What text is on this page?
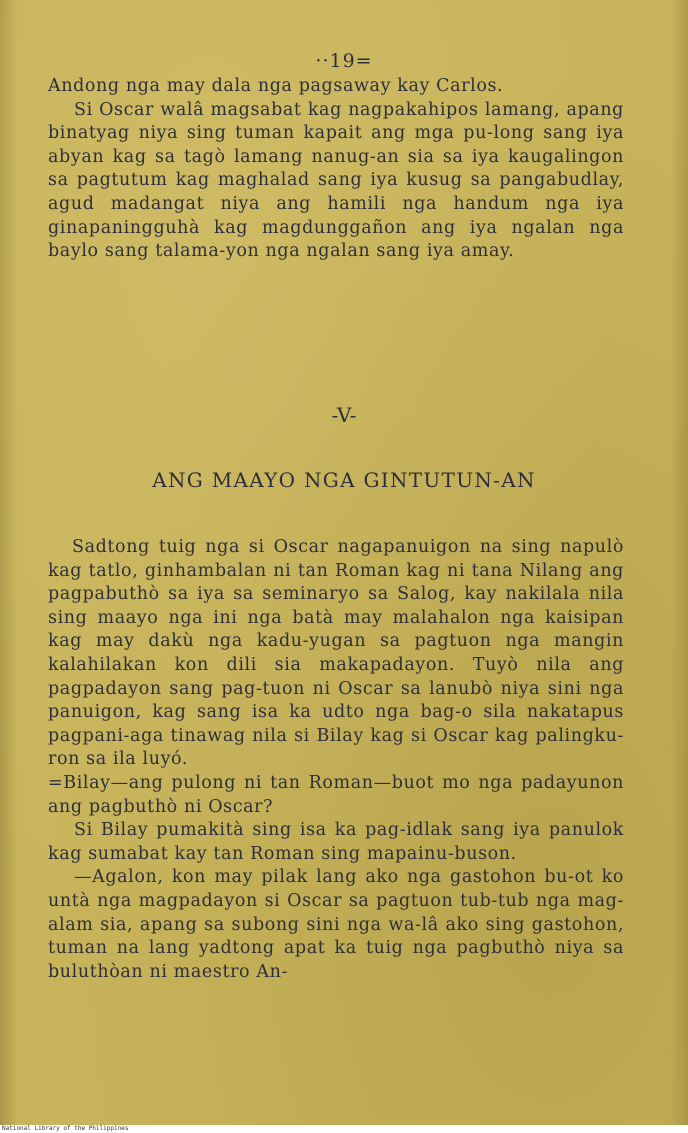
··19=

Andong nga may dala nga pagsaway kay Carlos.

Si Oscar walâ magsabat kag nagpakahipos lamang, apang binatyag niya sing tuman kapait ang mga pu-long sang iya abyan kag sa tagò lamang nanug-an sia sa iya kaugalingon sa pagtutum kag maghalad sang iya kusug sa pangabudlay, agud madangat niya ang hamili nga handum nga iya ginapaningguhà kag magdunggañon ang iya ngalan nga baylo sang talama-yon nga ngalan sang iya amay.

-V-
ANG MAAYO NGA GINTUTUN-AN

Sadtong tuig nga si Oscar nagapanuigon na sing napulò kag tatlo, ginhambalan ni tan Roman kag ni tana Nilang ang pagpabuthò sa iya sa seminaryo sa Salog, kay nakilala nila sing maayo nga ini nga batà may malahalon nga kaisipan kag may dakù nga kadu-yugan sa pagtuon nga mangin kalahilakan kon dili sia makapadayon. Tuyò nila ang pagpadayon sang pag-tuon ni Oscar sa lanubò niya sini nga panuigon, kag sang isa ka udto nga bag-o sila nakatapus pagpani-aga tinawag nila si Bilay kag si Oscar kag palingku-ron sa ila luyó.

=Bilay—ang pulong ni tan Roman—buot mo nga padayunon ang pagbuthò ni Oscar?

Si Bilay pumakità sing isa ka pag-idlak sang iya panulok kag sumabat kay tan Roman sing mapainu-buson.

—Agalon, kon may pilak lang ako nga gastohon bu-ot ko untà nga magpadayon si Oscar sa pagtuon tub-tub nga mag-alam sia, apang sa subong sini nga wa-lâ ako sing gastohon, tuman na lang yadtong apat ka tuig nga pagbuthò niya sa buluthòan ni maestro An-

National Library of the Philippines
